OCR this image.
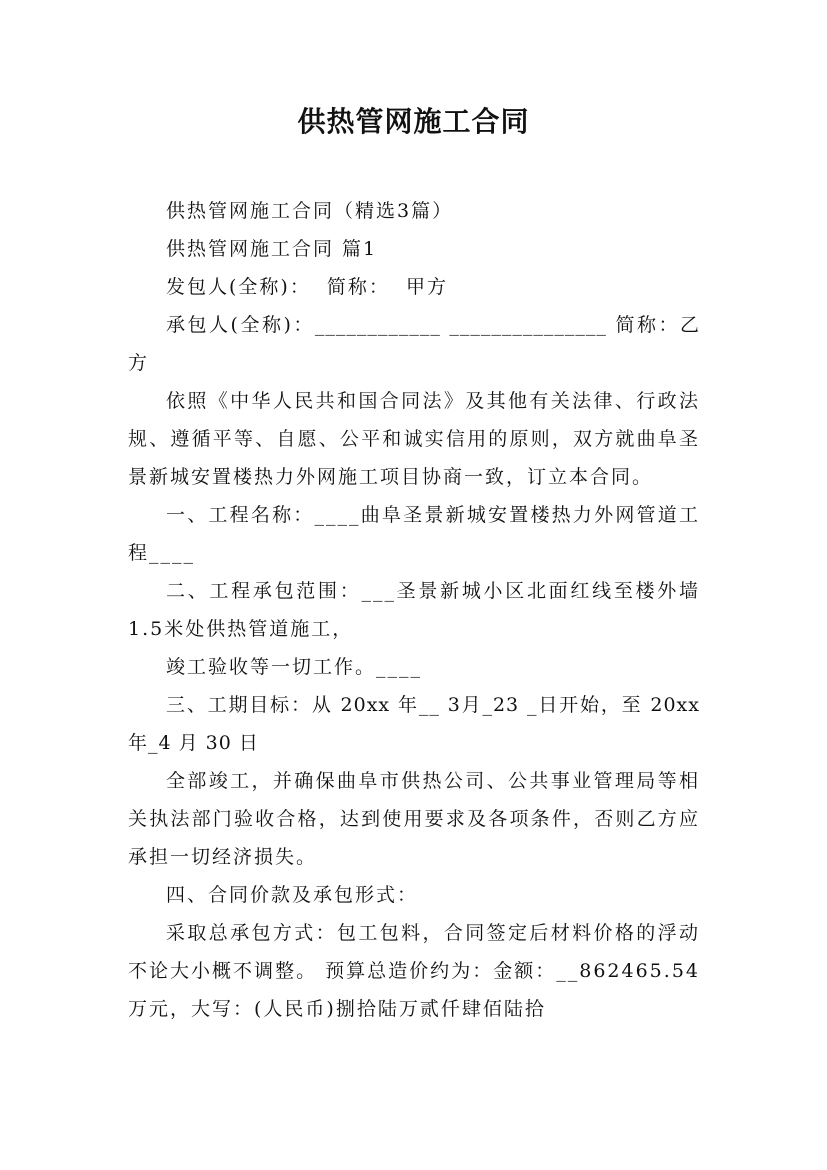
供热管网施工合同

供热管网施工合同（精选3篇）

供热管网施工合同 篇1

发包人(全称)：  简称：  甲方

承包人(全称)：____________ _______________ 简称：乙方

依照《中华人民共和国合同法》及其他有关法律、行政法规、遵循平等、自愿、公平和诚实信用的原则，双方就曲阜圣景新城安置楼热力外网施工项目协商一致，订立本合同。

一、工程名称：____曲阜圣景新城安置楼热力外网管道工程____

二、工程承包范围：___圣景新城小区北面红线至楼外墙1.5米处供热管道施工，

竣工验收等一切工作。____

三、工期目标：从 20xx 年__ 3月_23 _日开始，至 20xx 年_4 月 30 日

全部竣工，并确保曲阜市供热公司、公共事业管理局等相关执法部门验收合格，达到使用要求及各项条件，否则乙方应承担一切经济损失。

四、合同价款及承包形式：

采取总承包方式：包工包料，合同签定后材料价格的浮动不论大小概不调整。 预算总造价约为：金额：__862465.54万元，大写：(人民币)捌拾陆万贰仟肆佰陆拾
